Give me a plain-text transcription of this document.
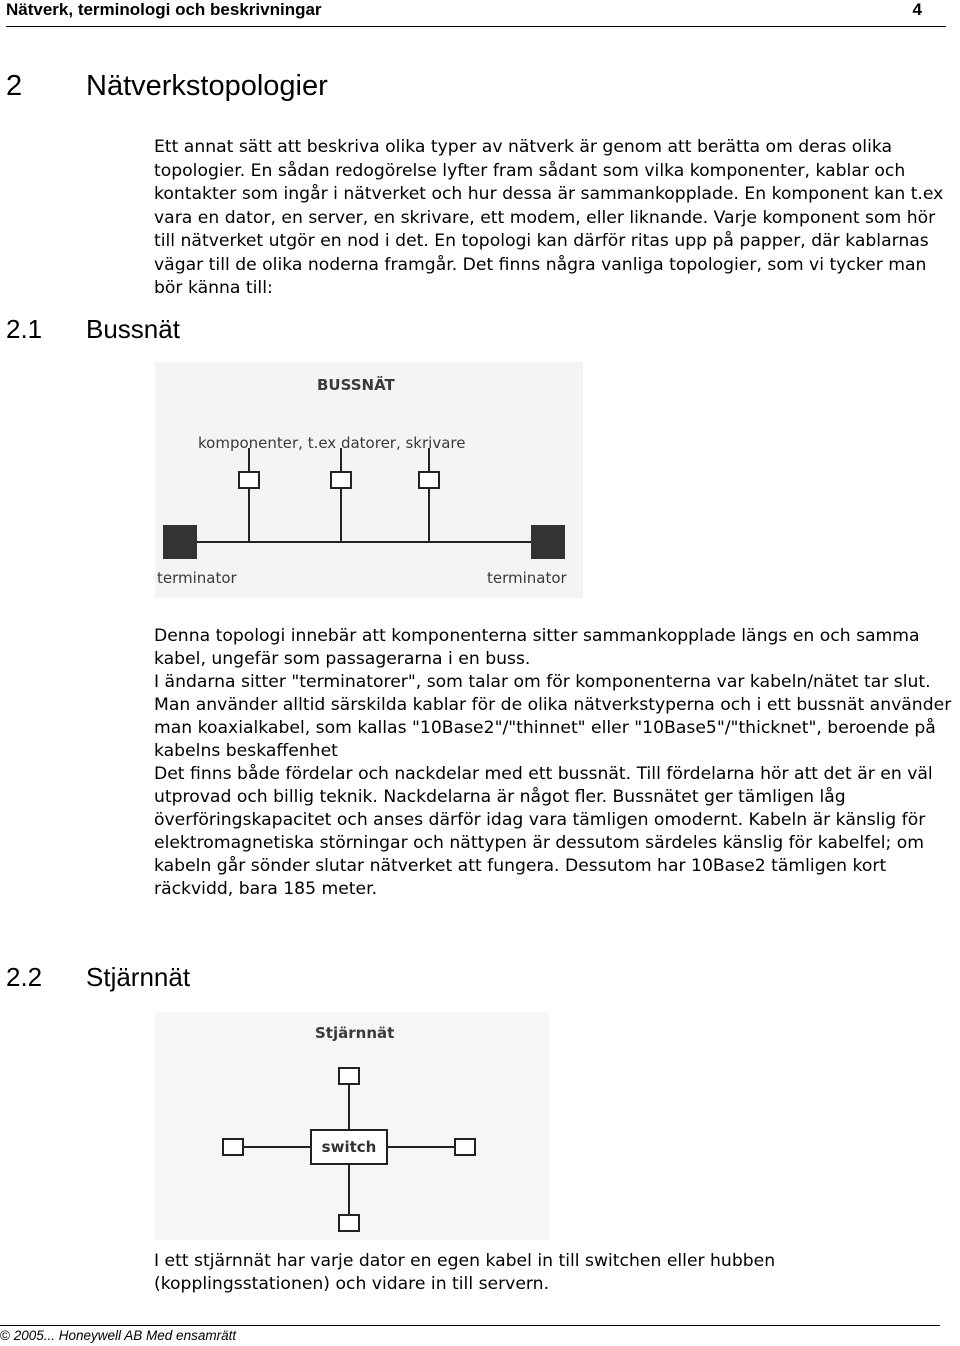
Nätverk, terminologi och beskrivningar	4
2 Nätverkstopologier

Ett annat sätt att beskriva olika typer av nätverk är genom att berätta om deras olika topologier. En sådan redogörelse lyfter fram sådant som vilka komponenter, kablar och kontakter som ingår i nätverket och hur dessa är sammankopplade. En komponent kan t.ex vara en dator, en server, en skrivare, ett modem, eller liknande. Varje komponent som hör till nätverket utgör en nod i det. En topologi kan därför ritas upp på papper, där kablarnas vägar till de olika noderna framgår. Det finns några vanliga topologier, som vi tycker man bör känna till:

2.1 Bussnät
BUSSNÄT
komponenter, t.ex datorer, skrivare
terminator	terminator

Denna topologi innebär att komponenterna sitter sammankopplade längs en och samma kabel, ungefär som passagerarna i en buss.

I ändarna sitter "terminatorer", som talar om för komponenterna var kabeln/nätet tar slut.

Man använder alltid särskilda kablar för de olika nätverkstyperna och i ett bussnät använder man koaxialkabel, som kallas "10Base2"/"thinnet" eller "10Base5"/"thicknet", beroende på kabelns beskaffenhet

Det finns både fördelar och nackdelar med ett bussnät. Till fördelarna hör att det är en väl utprovad och billig teknik. Nackdelarna är något fler. Bussnätet ger tämligen låg överföringskapacitet och anses därför idag vara tämligen omodernt. Kabeln är känslig för elektromagnetiska störningar och nättypen är dessutom särdeles känslig för kabelfel; om kabeln går sönder slutar nätverket att fungera. Dessutom har 10Base2 tämligen kort räckvidd, bara 185 meter.

2.2 Stjärnnät
Stjärnnät
switch

I ett stjärnnät har varje dator en egen kabel in till switchen eller hubben (kopplingsstationen) och vidare in till servern.

© 2005... Honeywell AB Med ensamrätt
